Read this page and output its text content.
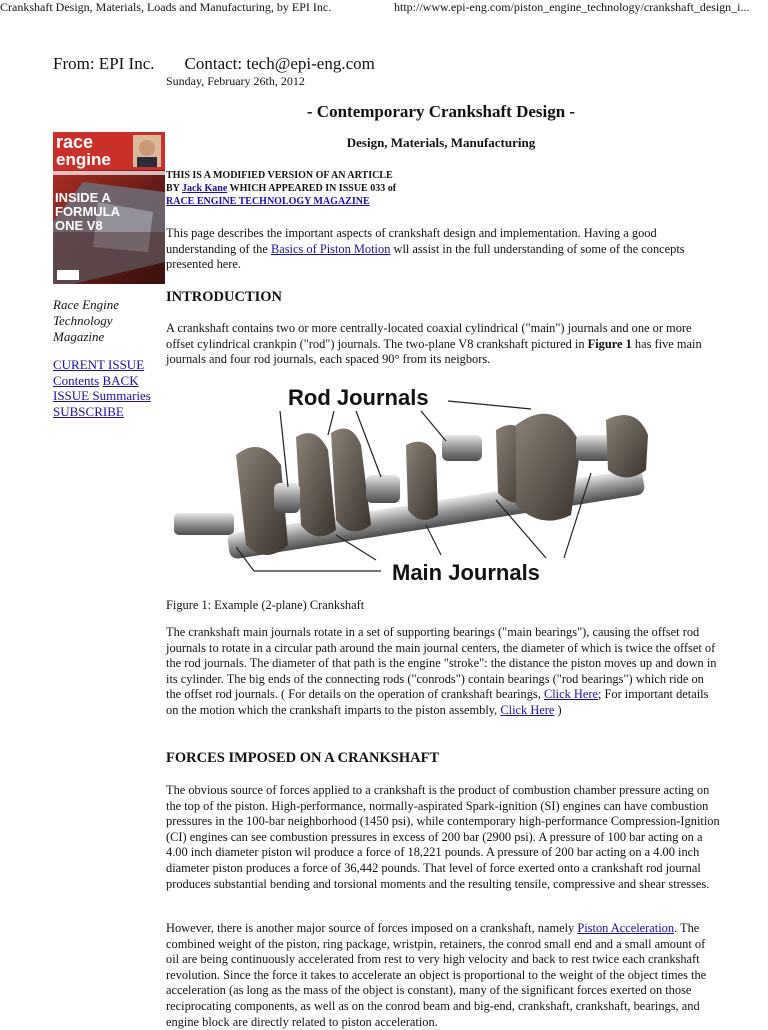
Crankshaft Design, Materials, Loads and Manufacturing, by EPI Inc.	http://www.epi-eng.com/piston_engine_technology/crankshaft_design_i...
From: EPI Inc. Contact: tech@epi-eng.com
Sunday, February 26th, 2012
- Contemporary Crankshaft Design -
Design, Materials, Manufacturing
race
engine
INSIDE A
FORMULA
ONE V8
Race Engine
Technology
Magazine
CURENT ISSUE
Contents BACK
ISSUE Summaries
SUBSCRIBE
THIS IS A MODIFIED VERSION OF AN ARTICLE
BY Jack Kane WHICH APPEARED IN ISSUE 033 of
RACE ENGINE TECHNOLOGY MAGAZINE

This page describes the important aspects of crankshaft design and implementation. Having a good understanding of the Basics of Piston Motion wll assist in the full understanding of some of the concepts presented here.

INTRODUCTION

A crankshaft contains two or more centrally-located coaxial cylindrical ("main") journals and one or more offset cylindrical crankpin ("rod") journals. The two-plane V8 crankshaft pictured in Figure 1 has five main journals and four rod journals, each spaced 90° from its neigbors.

Rod Journals
Main Journals
Figure 1: Example (2-plane) Crankshaft

The crankshaft main journals rotate in a set of supporting bearings ("main bearings"), causing the offset rod journals to rotate in a circular path around the main journal centers, the diameter of which is twice the offset of the rod journals. The diameter of that path is the engine "stroke": the distance the piston moves up and down in its cylinder. The big ends of the connecting rods ("conrods") contain bearings ("rod bearings") which ride on the offset rod journals. ( For details on the operation of crankshaft bearings, Click Here; For important details on the motion which the crankshaft imparts to the piston assembly, Click Here )

FORCES IMPOSED ON A CRANKSHAFT

The obvious source of forces applied to a crankshaft is the product of combustion chamber pressure acting on the top of the piston. High-performance, normally-aspirated Spark-ignition (SI) engines can have combustion pressures in the 100-bar neighborhood (1450 psi), while contemporary high-performance Compression-Ignition (CI) engines can see combustion pressures in excess of 200 bar (2900 psi). A pressure of 100 bar acting on a 4.00 inch diameter piston wil produce a force of 18,221 pounds. A pressure of 200 bar acting on a 4.00 inch diameter piston produces a force of 36,442 pounds. That level of force exerted onto a crankshaft rod journal produces substantial bending and torsional moments and the resulting tensile, compressive and shear stresses.

However, there is another major source of forces imposed on a crankshaft, namely Piston Acceleration. The combined weight of the piston, ring package, wristpin, retainers, the conrod small end and a small amount of oil are being continuously accelerated from rest to very high velocity and back to rest twice each crankshaft revolution. Since the force it takes to accelerate an object is proportional to the weight of the object times the acceleration (as long as the mass of the object is constant), many of the significant forces exerted on those reciprocating components, as well as on the conrod beam and big-end, crankshaft, crankshaft, bearings, and engine block are directly related to piston acceleration.
